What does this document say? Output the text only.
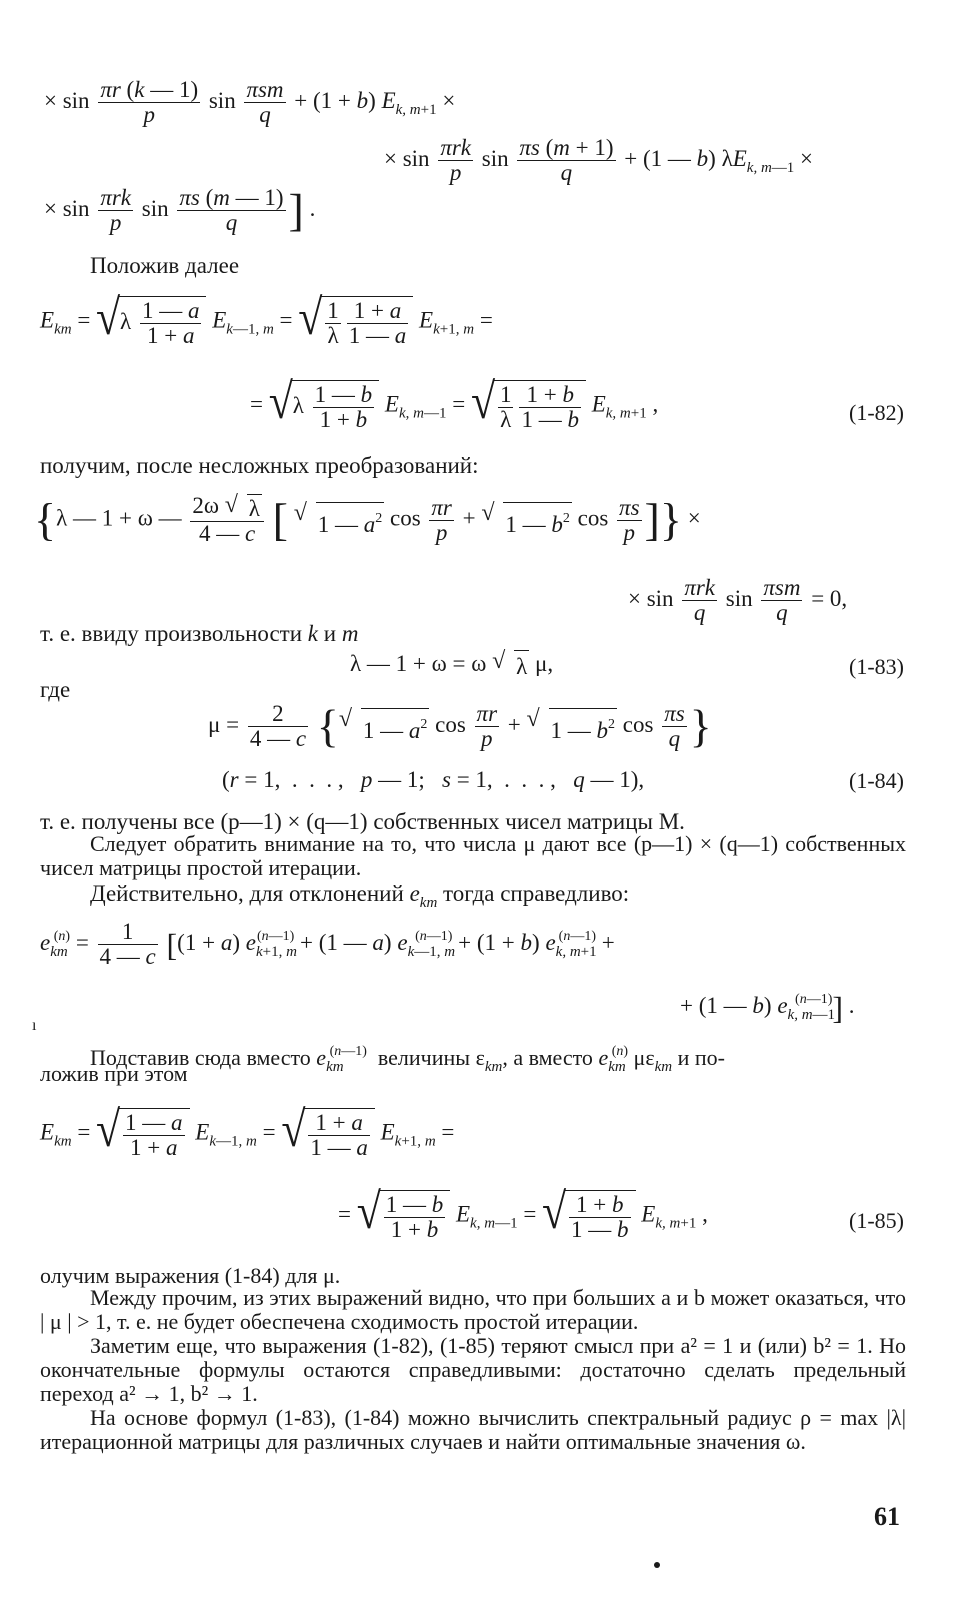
× $\sin \frac{\pi r (k — 1)}{p}$ $\sin \frac{\text{πsm}}{q} + (1 + b) E_{k, m+1}$ ×
× $\sin \frac{\text{πrk}}{p}$ $\sin \frac{\pi s (m + 1)}{q} + (1$ — b) $\lambda E_{k, m—1}$ ×
× $\sin \frac{\text{πrk}}{p}$ $\sin \frac{\pi s (m — 1)}{q}$ ] .
Положив далее
$E_{km}$ = √ λ $\frac{1 — a}{1 + a} E_{k—1, m}$ = √ $\frac{1}{\lambda} \frac{1 + a}{1 — a} E_{k+1, m}$ =
= √ λ $\frac{1 — b}{1 + b} E_{k, m—1}$ = √ $\frac{1}{\lambda} \frac{1 + b}{1 — b} E_{k, m+1}$ ,	(1-82)
получим, после несложных преобразований:
{λ — 1 + ω — $\frac{2\omega √ \lambda}{4 — c}$ [ √ 1 — $a^2$ $\cos \frac{\pi r}{p}$ + √ 1 — $b^2$ $\cos \frac{\pi s}{p}$ ]} ×
× $\sin \frac{\text{πrk}}{q}$ $\sin \frac{\text{πsm}}{q} = 0$,
т. е. ввиду произвольности k и m
λ — 1 + ω = ω √ λ μ,	(1-83)
где
$\mu = \frac{2}{4 — c}$ { √ 1 — $a^2$ $\cos \frac{\pi r}{p}$ + √ 1 — $b^2$ $\cos \frac{\pi s}{q}$ }
(r = 1,  .  .  . ,   p — 1;   s = 1,  .  .  . ,   q — 1),	(1-84)
т. е. получены все (p—1) × (q—1) собственных чисел матрицы M.
Следует обратить внимание на то, что числа μ дают все (p—1) × (q—1) собственных чисел матрицы простой итерации.
Действительно, для отклонений $e_{km}$ тогда справедливо:
$e_{km}^{(n)} = \frac{1}{4 — c} [(1 + a) e_{k+1, m}^{(n—1)} + (1$ — a) $e_{k—1, m}^{(n—1)} + (1 + b) e_{k, m+1}^{(n—1)}$ +
+ (1 — b) $e_{k, m—1}^{(n—1)}$] .
ı
Подставив сюда вместо $e_{km}^{(n—1)}$ величины $\varepsilon_{km}$, а вместо $e_{km}^{(n)}$ $\mu\varepsilon_{km}$ и по-
ложив при этом
$E_{km}$ = √ $\frac{1 — a}{1 + a} E_{k—1, m}$ = √ $\frac{1 + a}{1 — a} E_{k+1, m}$ =
= √ $\frac{1 — b}{1 + b} E_{k, m—1}$ = √ $\frac{1 + b}{1 — b} E_{k, m+1}$ ,	(1-85)
олучим выражения (1-84) для μ.
Между прочим, из этих выражений видно, что при больших a и b может оказаться, что | μ | > 1, т. е. не будет обеспечена сходимость простой итерации.
Заметим еще, что выражения (1-82), (1-85) теряют смысл при a² = 1 и (или) b² = 1. Но окончательные формулы остаются справедливыми: достаточно сделать предельный переход a² → 1, b² → 1.
На основе формул (1-83), (1-84) можно вычислить спектральный радиус ρ = max |λ| итерационной матрицы для различных случаев и найти оптимальные значения ω.
61
